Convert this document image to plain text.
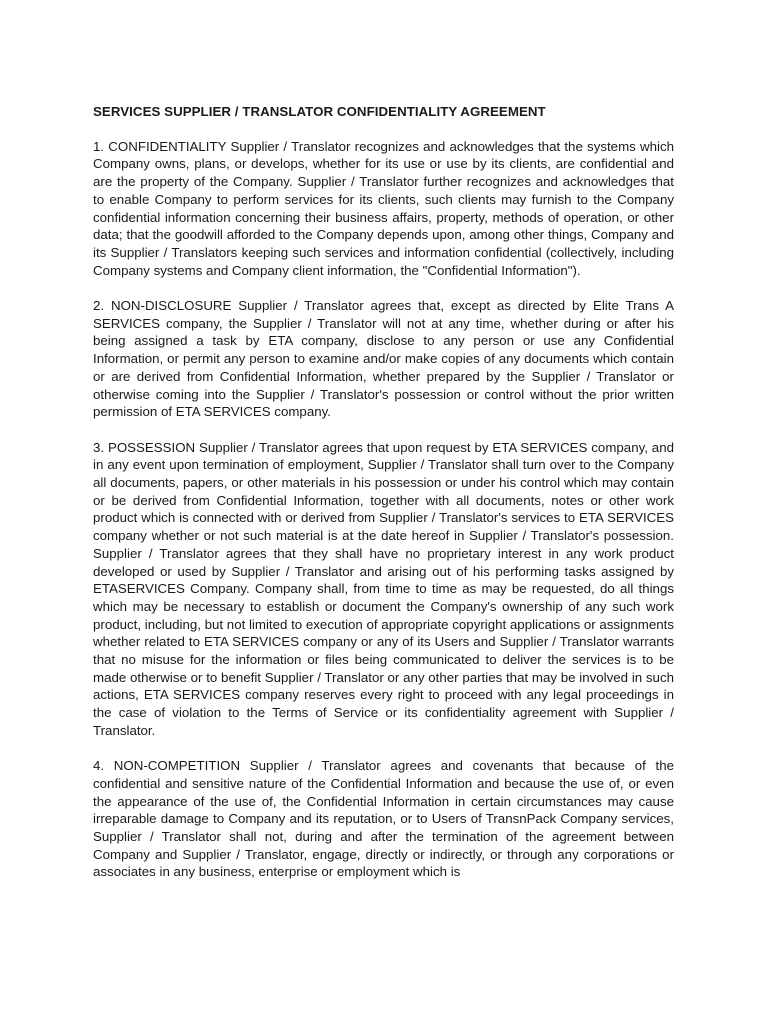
SERVICES SUPPLIER / TRANSLATOR CONFIDENTIALITY AGREEMENT

1. CONFIDENTIALITY Supplier / Translator recognizes and acknowledges that the systems which Company owns, plans, or develops, whether for its use or use by its clients, are confidential and are the property of the Company. Supplier / Translator further recognizes and acknowledges that to enable Company to perform services for its clients, such clients may furnish to the Company confidential information concerning their business affairs, property, methods of operation, or other data; that the goodwill afforded to the Company depends upon, among other things, Company and its Supplier / Translators keeping such services and information confidential (collectively, including Company systems and Company client information, the "Confidential Information").

2. NON-DISCLOSURE Supplier / Translator agrees that, except as directed by Elite Trans A SERVICES company, the Supplier / Translator will not at any time, whether during or after his being assigned a task by ETA company, disclose to any person or use any Confidential Information, or permit any person to examine and/or make copies of any documents which contain or are derived from Confidential Information, whether prepared by the Supplier / Translator or otherwise coming into the Supplier / Translator's possession or control without the prior written permission of ETA SERVICES company.

3. POSSESSION Supplier / Translator agrees that upon request by ETA SERVICES company, and in any event upon termination of employment, Supplier / Translator shall turn over to the Company all documents, papers, or other materials in his possession or under his control which may contain or be derived from Confidential Information, together with all documents, notes or other work product which is connected with or derived from Supplier / Translator's services to ETA SERVICES company whether or not such material is at the date hereof in Supplier / Translator's possession. Supplier / Translator agrees that they shall have no proprietary interest in any work product developed or used by Supplier / Translator and arising out of his performing tasks assigned by ETASERVICES Company. Company shall, from time to time as may be requested, do all things which may be necessary to establish or document the Company's ownership of any such work product, including, but not limited to execution of appropriate copyright applications or assignments whether related to ETA SERVICES company or any of its Users and Supplier / Translator warrants that no misuse for the information or files being communicated to deliver the services is to be made otherwise or to benefit Supplier / Translator or any other parties that may be involved in such actions, ETA SERVICES company reserves every right to proceed with any legal proceedings in the case of violation to the Terms of Service or its confidentiality agreement with Supplier / Translator.

4. NON-COMPETITION Supplier / Translator agrees and covenants that because of the confidential and sensitive nature of the Confidential Information and because the use of, or even the appearance of the use of, the Confidential Information in certain circumstances may cause irreparable damage to Company and its reputation, or to Users of TransnPack Company services, Supplier / Translator shall not, during and after the termination of the agreement between Company and Supplier / Translator, engage, directly or indirectly, or through any corporations or associates in any business, enterprise or employment which is
